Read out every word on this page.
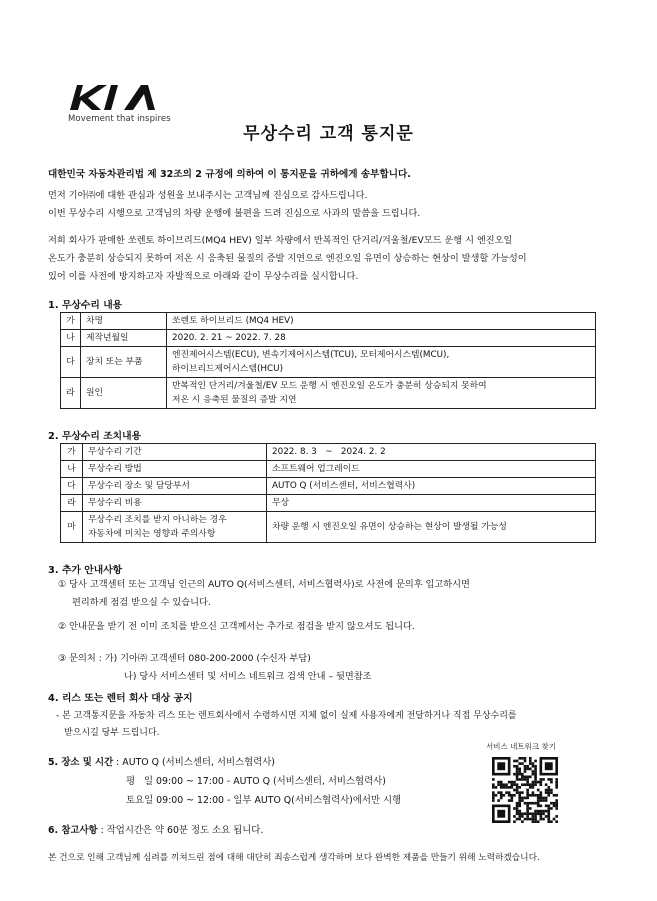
Movement that inspires
무상수리 고객 통지문
대한민국 자동차관리법 제 32조의 2 규정에 의하여 이 통지문을 귀하에게 송부합니다.
먼저 기아㈜에 대한 관심과 성원을 보내주시는 고객님께 진심으로 감사드립니다.
이번 무상수리 시행으로 고객님의 차량 운행에 불편을 드려 진심으로 사과의 말씀을 드립니다.
저희 회사가 판매한 쏘렌토 하이브리드(MQ4 HEV) 일부 차량에서 반복적인 단거리/겨울철/EV모드 운행 시 엔진오일
온도가 충분히 상승되지 못하여 저온 시 응축된 물질의 증발 지연으로 엔진오일 유면이 상승하는 현상이 발생할 가능성이
있어 이를 사전에 방지하고자 자발적으로 아래와 같이 무상수리를 실시합니다.
1. 무상수리 내용
가	차명	쏘렌토 하이브리드 (MQ4 HEV)
나	제작년월일	2020. 2. 21 ~ 2022. 7. 28
다	장치 또는 부품	엔진제어시스템(ECU), 변속기제어시스템(TCU), 모터제어시스템(MCU),
하이브리드제어시스템(HCU)

라	원인	반복적인 단거리/겨울철/EV 모드 운행 시 엔진오일 온도가 충분히 상승되지 못하여
저온 시 응축된 물질의 증발 지연
2. 무상수리 조치내용
가	무상수리 기간	2022. 8. 3   ~   2024. 2. 2
나	무상수리 방법	소프트웨어 업그레이드
다	무상수리 장소 및 담당부서	AUTO Q (서비스센터, 서비스협력사)
라	무상수리 비용	무상
마	무상수리 조치를 받지 아니하는 경우
자동차에 미치는 영향과 주의사항	차량 운행 시 엔진오일 유면이 상승하는 현상이 발생될 가능성
3. 추가 안내사항
① 당사 고객센터 또는 고객님 인근의 AUTO Q(서비스센터, 서비스협력사)로 사전에 문의후 입고하시면
편리하게 점검 받으실 수 있습니다.
② 안내문을 받기 전 이미 조치를 받으신 고객께서는 추가로 점검을 받지 않으셔도 됩니다.
③ 문의처 : 가) 기아㈜ 고객센터 080-200-2000 (수신자 부담)
나) 당사 서비스센터 및 서비스 네트워크 검색 안내 – 뒷면참조
4. 리스 또는 렌터 회사 대상 공지
- 본 고객통지문을 자동차 리스 또는 렌트회사에서 수령하시면 지체 없이 실제 사용자에게 전달하거나 직접 무상수리를
받으시길 당부 드립니다.
서비스 네트워크 찾기
5. 장소 및 시간 : AUTO Q (서비스센터, 서비스협력사)
평   일 09:00 ~ 17:00 - AUTO Q (서비스센터, 서비스협력사)
토요일 09:00 ~ 12:00 - 일부 AUTO Q(서비스협력사)에서만 시행
6. 참고사항 : 작업시간은 약 60분 정도 소요 됩니다.
본 건으로 인해 고객님께 심려를 끼쳐드린 점에 대해 대단히 죄송스럽게 생각하며 보다 완벽한 제품을 만들기 위해 노력하겠습니다.
